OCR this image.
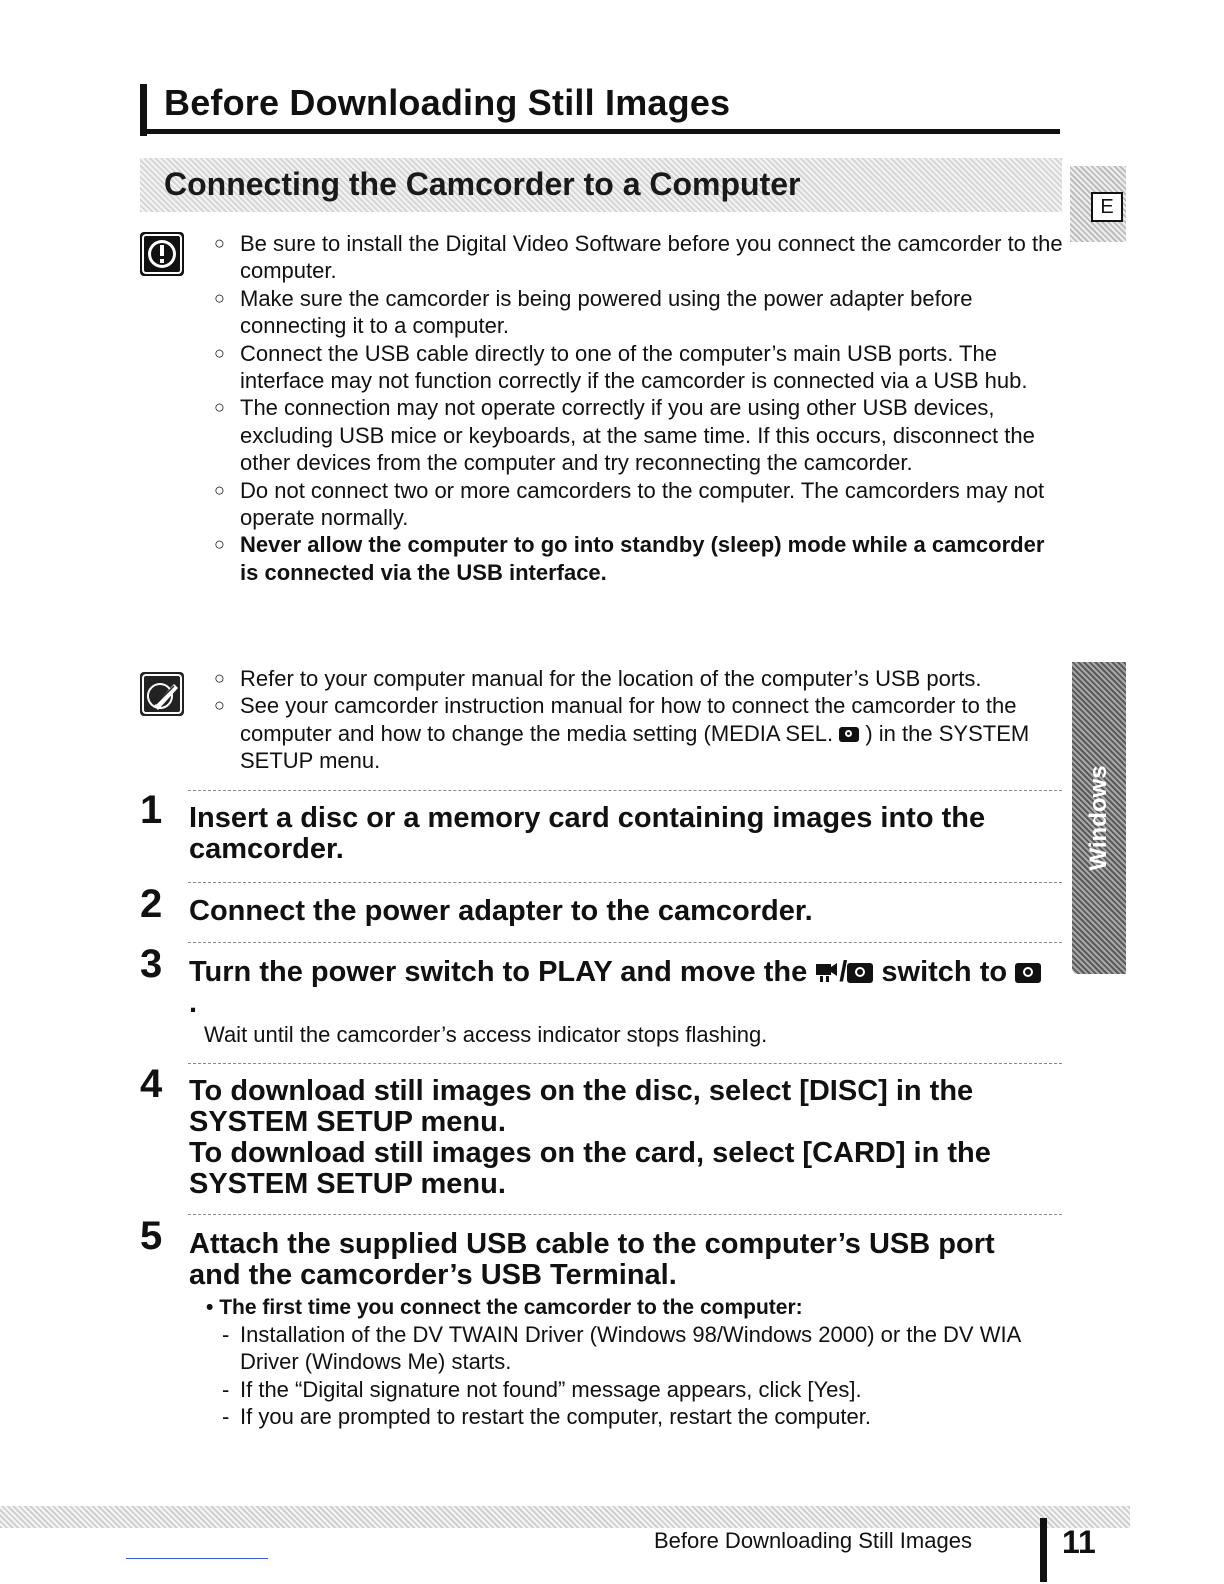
Before Downloading Still Images
Connecting the Camcorder to a Computer
E
Windows
○ Be sure to install the Digital Video Software before you connect the camcorder to the computer.
○ Make sure the camcorder is being powered using the power adapter before connecting it to a computer.
○ Connect the USB cable directly to one of the computer’s main USB ports. The interface may not function correctly if the camcorder is connected via a USB hub.
○ The connection may not operate correctly if you are using other USB devices, excluding USB mice or keyboards, at the same time. If this occurs, disconnect the other devices from the computer and try reconnecting the camcorder.
○ Do not connect two or more camcorders to the computer. The camcorders may not operate normally.
○ Never allow the computer to go into standby (sleep) mode while a camcorder is connected via the USB interface.
○ Refer to your computer manual for the location of the computer’s USB ports.
○ See your camcorder instruction manual for how to connect the camcorder to the computer and how to change the media setting (MEDIA SEL. ) in the SYSTEM SETUP menu.
1 Insert a disc or a memory card containing images into the camcorder.
2 Connect the power adapter to the camcorder.
3 Turn the power switch to PLAY and move the / switch to .
Wait until the camcorder’s access indicator stops flashing.
4 To download still images on the disc, select [DISC] in the SYSTEM SETUP menu.
To download still images on the card, select [CARD] in the SYSTEM SETUP menu.
5 Attach the supplied USB cable to the computer’s USB port and the camcorder’s USB Terminal.
• The first time you connect the camcorder to the computer:
- Installation of the DV TWAIN Driver (Windows 98/Windows 2000) or the DV WIA Driver (Windows Me) starts.
- If the “Digital signature not found” message appears, click [Yes].
- If you are prompted to restart the computer, restart the computer.
Before Downloading Still Images	11
